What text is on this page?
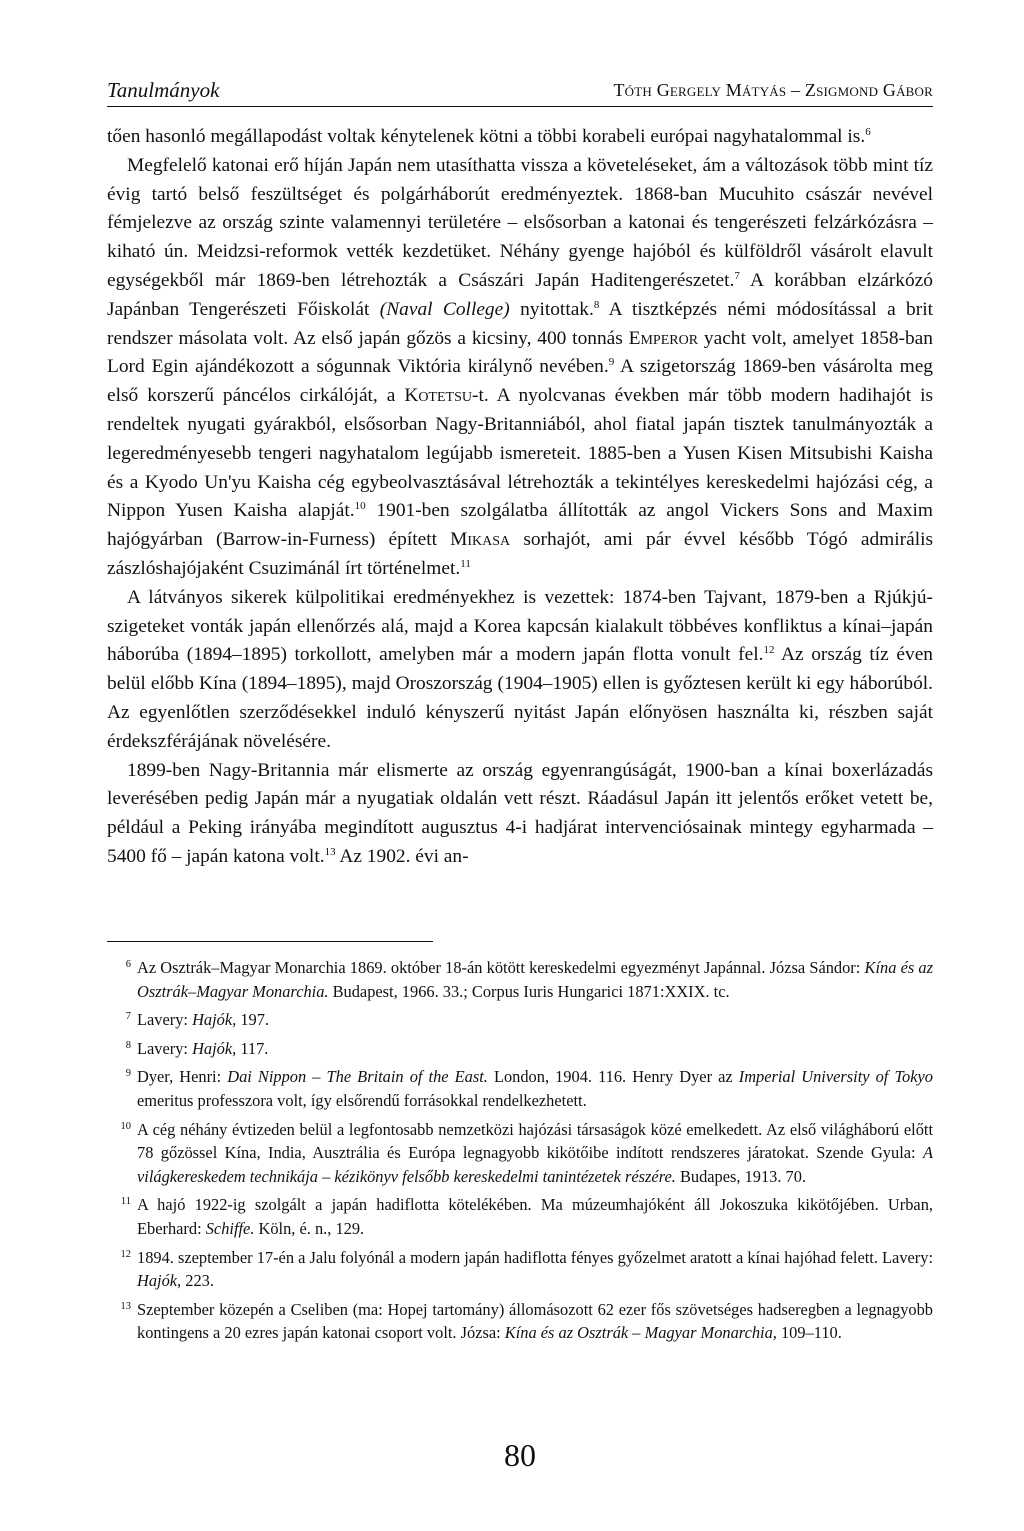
Tanulmányok	Tóth Gergely Mátyás – Zsigmond Gábor

tően hasonló megállapodást voltak kénytelenek kötni a többi korabeli európai nagyhatalommal is.$^6$

Megfelelő katonai erő híján Japán nem utasíthatta vissza a követeléseket, ám a változások több mint tíz évig tartó belső feszültséget és polgárháborút eredményeztek. 1868-ban Mucuhito császár nevével fémjelezve az ország szinte valamennyi területére – elsősorban a katonai és tengerészeti felzárkózásra – kiható ún. Meidzsi-reformok vették kezdetüket. Néhány gyenge hajóból és külföldről vásárolt elavult egységekből már 1869-ben létrehozták a Császári Japán Haditengerészetet.$^7$ A korábban elzárkózó Japánban Tengerészeti Főiskolát (Naval College) nyitottak.$^8$ A tisztképzés némi módosítással a brit rendszer másolata volt. Az első japán gőzös a kicsiny, 400 tonnás Emperor yacht volt, amelyet 1858-ban Lord Egin ajándékozott a sógunnak Viktória királynő nevében.$^9$ A szigetország 1869-ben vásárolta meg első korszerű páncélos cirkálóját, a Kotetsu-t. A nyolcvanas években már több modern hadihajót is rendeltek nyugati gyárakból, elsősorban Nagy-Britanniából, ahol fiatal japán tisztek tanulmányozták a legeredményesebb tengeri nagyhatalom legújabb ismereteit. 1885-ben a Yusen Kisen Mitsubishi Kaisha és a Kyodo Un'yu Kaisha cég egybeolvasztásával létrehozták a tekintélyes kereskedelmi hajózási cég, a Nippon Yusen Kaisha alapját.$^{10}$ 1901-ben szolgálatba állították az angol Vickers Sons and Maxim hajógyárban (Barrow-in-Furness) épített Mikasa sorhajót, ami pár évvel később Tógó admirális zászlóshajójaként Csuzimánál írt történelmet.$^{11}$

A látványos sikerek külpolitikai eredményekhez is vezettek: 1874-ben Tajvant, 1879-ben a Rjúkjú-szigeteket vonták japán ellenőrzés alá, majd a Korea kapcsán kialakult többéves konfliktus a kínai–japán háborúba (1894–1895) torkollott, amelyben már a modern japán flotta vonult fel.$^{12}$ Az ország tíz éven belül előbb Kína (1894–1895), majd Oroszország (1904–1905) ellen is győztesen került ki egy háborúból. Az egyenlőtlen szerződésekkel induló kényszerű nyitást Japán előnyösen használta ki, részben saját érdekszférájának növelésére.

1899-ben Nagy-Britannia már elismerte az ország egyenrangúságát, 1900-ban a kínai boxerlázadás leverésében pedig Japán már a nyugatiak oldalán vett részt. Ráadásul Japán itt jelentős erőket vetett be, például a Peking irányába megindított augusztus 4-i hadjárat intervenciósainak mintegy egyharmada – 5400 fő – japán katona volt.$^{13}$ Az 1902. évi an-

6 Az Osztrák–Magyar Monarchia 1869. október 18-án kötött kereskedelmi egyezményt Japánnal. Józsa Sándor: Kína és az Osztrák–Magyar Monarchia. Budapest, 1966. 33.; Corpus Iuris Hungarici 1871:XXIX. tc.
7 Lavery: Hajók, 197.
8 Lavery: Hajók, 117.
9 Dyer, Henri: Dai Nippon – The Britain of the East. London, 1904. 116. Henry Dyer az Imperial University of Tokyo emeritus professzora volt, így elsőrendű forrásokkal rendelkezhetett.
10 A cég néhány évtizeden belül a legfontosabb nemzetközi hajózási társaságok közé emelkedett. Az első világháború előtt 78 gőzössel Kína, India, Ausztrália és Európa legnagyobb kikötőibe indított rendszeres járatokat. Szende Gyula: A világkereskedem technikája – kézikönyv felsőbb kereskedelmi tanintézetek részére. Budapes, 1913. 70.
11 A hajó 1922-ig szolgált a japán hadiflotta kötelékében. Ma múzeumhajóként áll Jokoszuka kikötőjében. Urban, Eberhard: Schiffe. Köln, é. n., 129.
12 1894. szeptember 17-én a Jalu folyónál a modern japán hadiflotta fényes győzelmet aratott a kínai hajóhad felett. Lavery: Hajók, 223.
13 Szeptember közepén a Cseliben (ma: Hopej tartomány) állomásozott 62 ezer fős szövetséges hadseregben a legnagyobb kontingens a 20 ezres japán katonai csoport volt. Józsa: Kína és az Osztrák – Magyar Monarchia, 109–110.
80
